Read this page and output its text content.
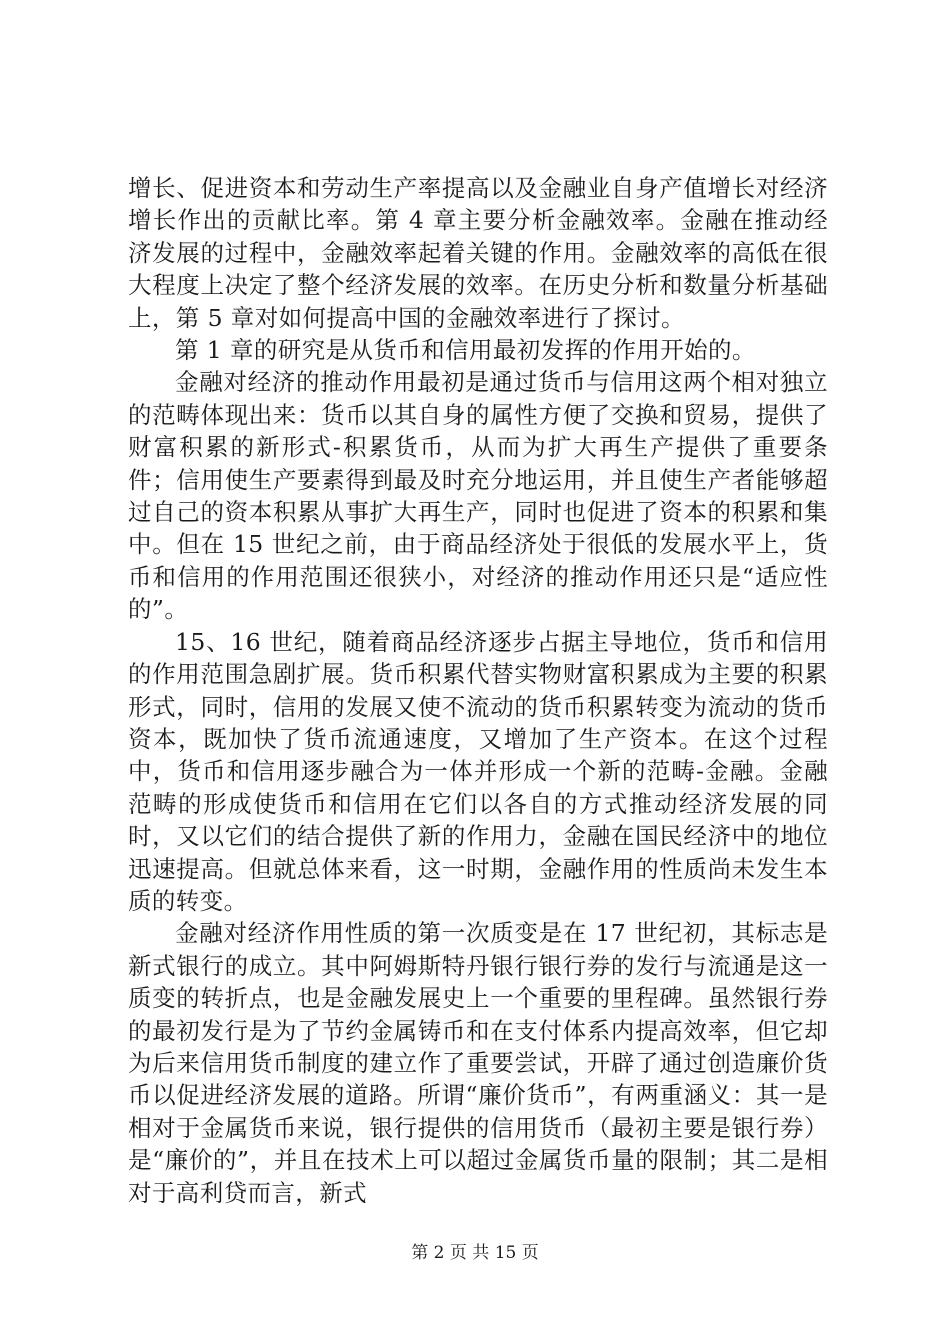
增长、促进资本和劳动生产率提高以及金融业自身产值增长对经济增长作出的贡献比率。第 4 章主要分析金融效率。金融在推动经济发展的过程中，金融效率起着关键的作用。金融效率的高低在很大程度上决定了整个经济发展的效率。在历史分析和数量分析基础上，第 5 章对如何提高中国的金融效率进行了探讨。

第 1 章的研究是从货币和信用最初发挥的作用开始的。

金融对经济的推动作用最初是通过货币与信用这两个相对独立的范畴体现出来：货币以其自身的属性方便了交换和贸易，提供了财富积累的新形式-积累货币，从而为扩大再生产提供了重要条件；信用使生产要素得到最及时充分地运用，并且使生产者能够超过自己的资本积累从事扩大再生产，同时也促进了资本的积累和集中。但在 15 世纪之前，由于商品经济处于很低的发展水平上，货币和信用的作用范围还很狭小，对经济的推动作用还只是“适应性的”。

15、16 世纪，随着商品经济逐步占据主导地位，货币和信用的作用范围急剧扩展。货币积累代替实物财富积累成为主要的积累形式，同时，信用的发展又使不流动的货币积累转变为流动的货币资本，既加快了货币流通速度，又增加了生产资本。在这个过程中，货币和信用逐步融合为一体并形成一个新的范畴-金融。金融范畴的形成使货币和信用在它们以各自的方式推动经济发展的同时，又以它们的结合提供了新的作用力，金融在国民经济中的地位迅速提高。但就总体来看，这一时期，金融作用的性质尚未发生本质的转变。

金融对经济作用性质的第一次质变是在 17 世纪初，其标志是新式银行的成立。其中阿姆斯特丹银行银行券的发行与流通是这一质变的转折点，也是金融发展史上一个重要的里程碑。虽然银行券的最初发行是为了节约金属铸币和在支付体系内提高效率，但它却为后来信用货币制度的建立作了重要尝试，开辟了通过创造廉价货币以促进经济发展的道路。所谓“廉价货币”，有两重涵义：其一是相对于金属货币来说，银行提供的信用货币（最初主要是银行券）是“廉价的”，并且在技术上可以超过金属货币量的限制；其二是相对于高利贷而言，新式

第 2 页 共 15 页
